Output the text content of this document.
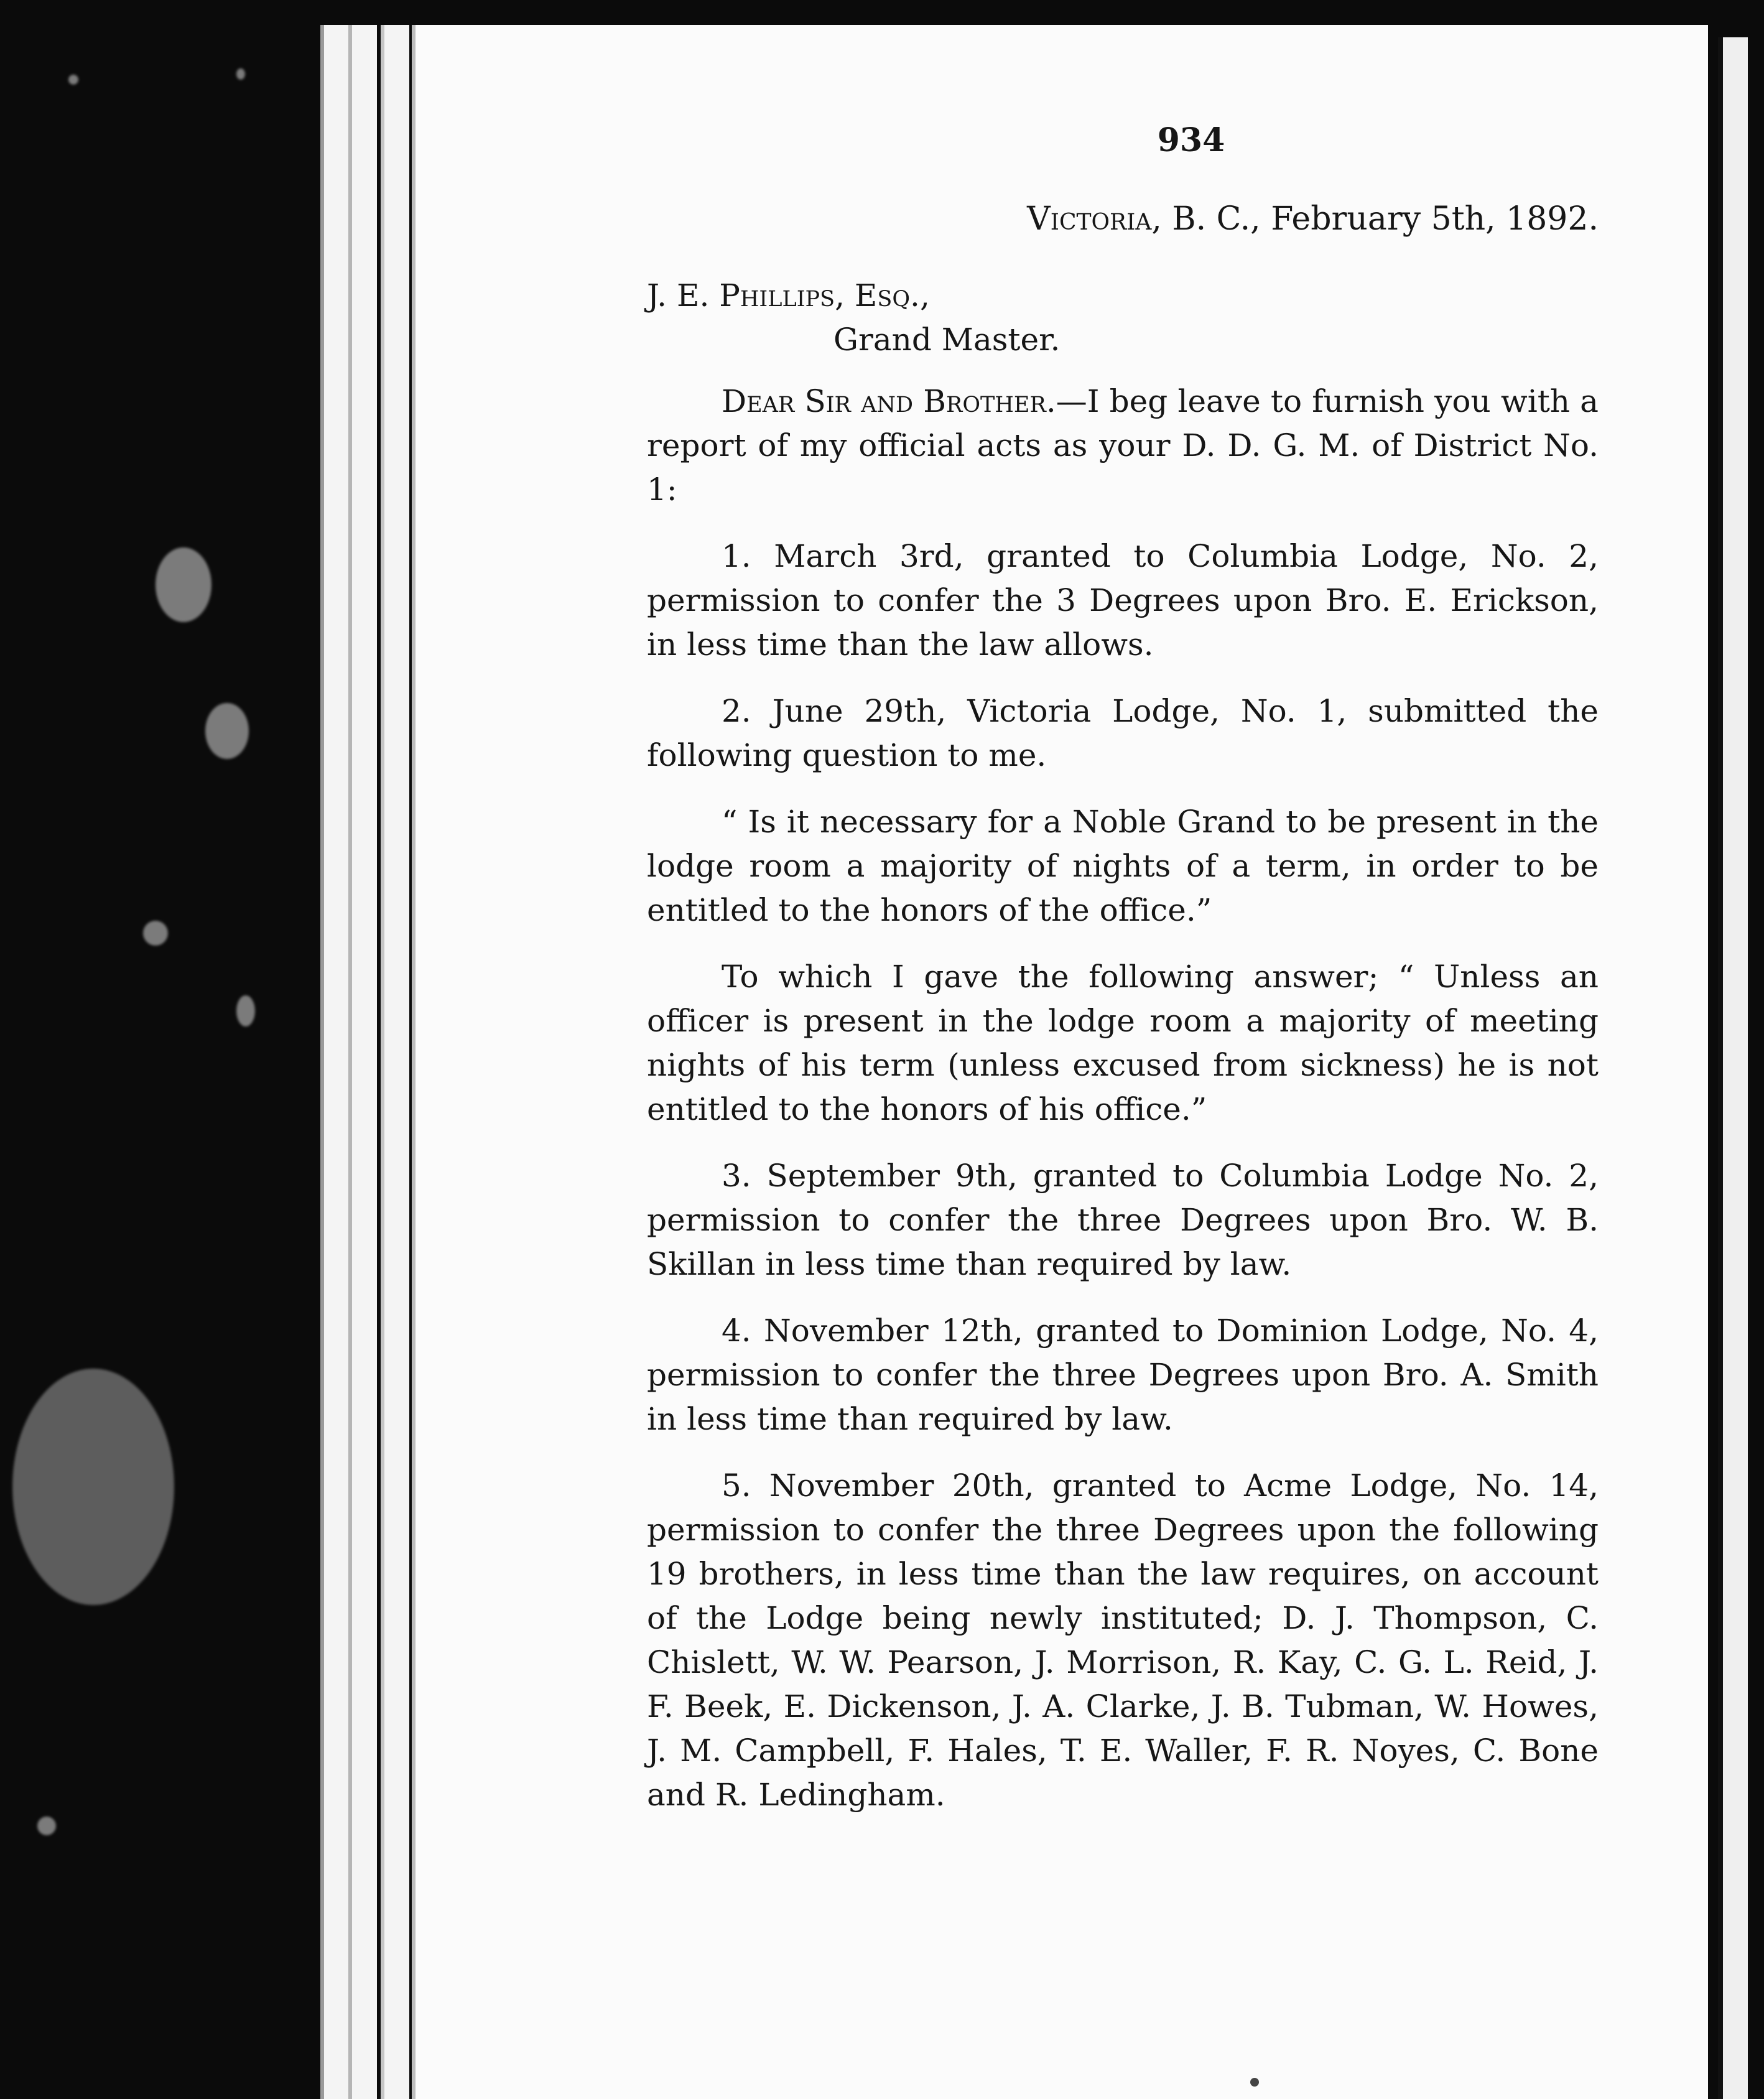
934
Victoria, B. C., February 5th, 1892.
J. E. Phillips, Esq.,
Grand Master.

Dear Sir and Brother.—I beg leave to furnish you with a report of my official acts as your D. D. G. M. of District No. 1:

1. March 3rd, granted to Columbia Lodge, No. 2, permission to confer the 3 Degrees upon Bro. E. Erickson, in less time than the law allows.

2. June 29th, Victoria Lodge, No. 1, submitted the following question to me.

“ Is it necessary for a Noble Grand to be present in the lodge room a majority of nights of a term, in order to be entitled to the honors of the office.”

To which I gave the following answer; “ Unless an officer is present in the lodge room a majority of meeting nights of his term (unless excused from sickness) he is not entitled to the honors of his office.”

3. September 9th, granted to Columbia Lodge No. 2, permission to confer the three Degrees upon Bro. W. B. Skillan in less time than required by law.

4. November 12th, granted to Dominion Lodge, No. 4, permission to confer the three Degrees upon Bro. A. Smith in less time than required by law.

5. November 20th, granted to Acme Lodge, No. 14, permission to confer the three Degrees upon the following 19 brothers, in less time than the law requires, on account of the Lodge being newly instituted; D. J. Thompson, C. Chislett, W. W. Pearson, J. Morrison, R. Kay, C. G. L. Reid, J. F. Beek, E. Dickenson, J. A. Clarke, J. B. Tubman, W. Howes, J. M. Campbell, F. Hales, T. E. Waller, F. R. Noyes, C. Bone and R. Ledingham.
